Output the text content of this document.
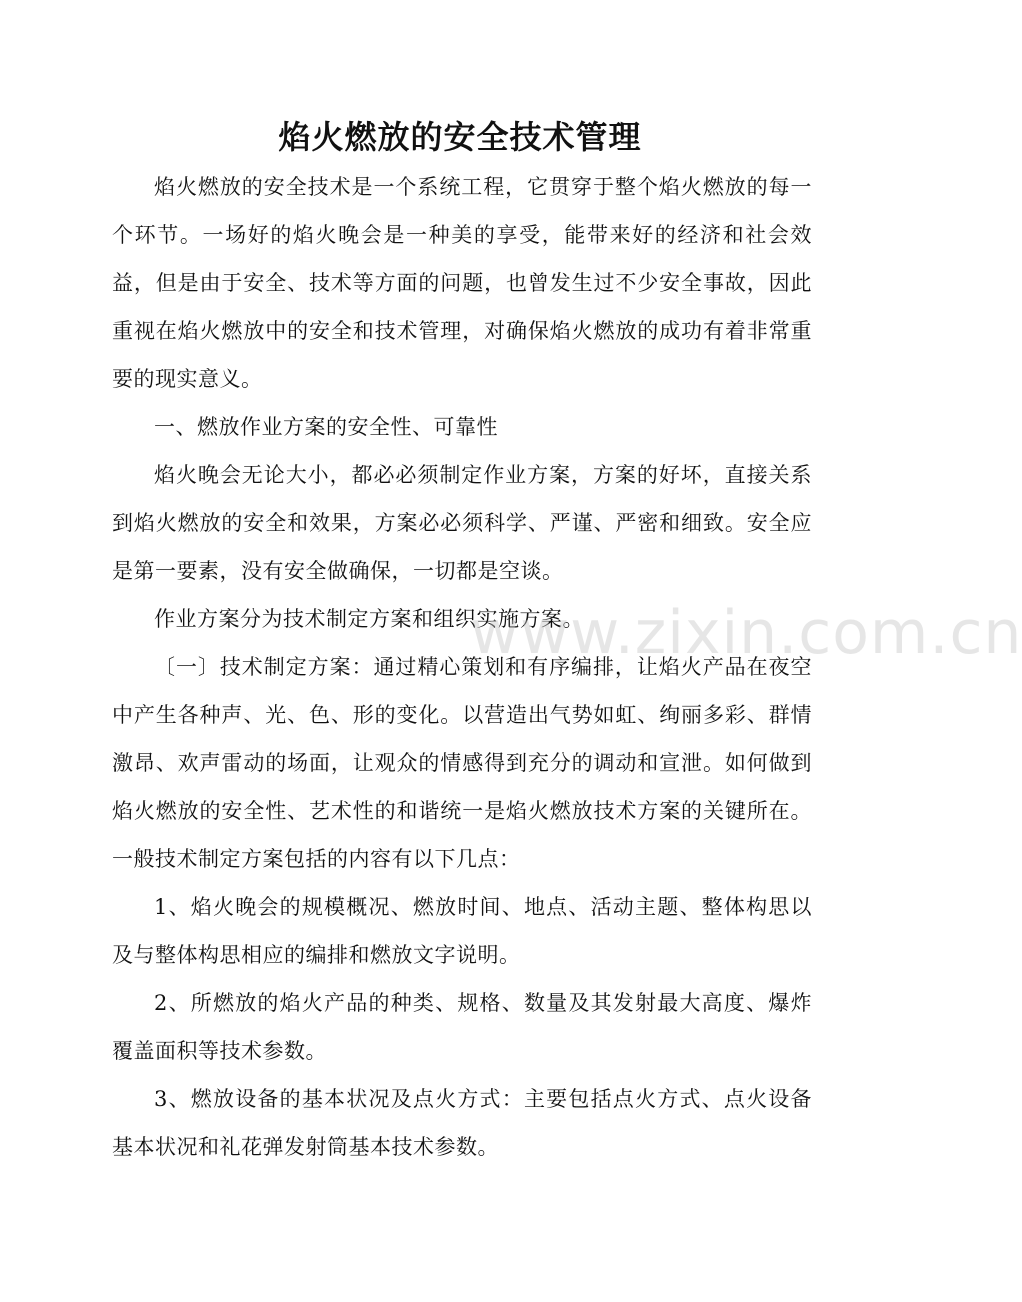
焰火燃放的安全技术管理

焰火燃放的安全技术是一个系统工程，它贯穿于整个焰火燃放的每一个环节。一场好的焰火晚会是一种美的享受，能带来好的经济和社会效益，但是由于安全、技术等方面的问题，也曾发生过不少安全事故，因此重视在焰火燃放中的安全和技术管理，对确保焰火燃放的成功有着非常重要的现实意义。

一、燃放作业方案的安全性、可靠性

焰火晚会无论大小，都必必须制定作业方案，方案的好坏，直接关系到焰火燃放的安全和效果，方案必必须科学、严谨、严密和细致。安全应是第一要素，没有安全做确保，一切都是空谈。

作业方案分为技术制定方案和组织实施方案。

〔一〕技术制定方案：通过精心策划和有序编排，让焰火产品在夜空中产生各种声、光、色、形的变化。以营造出气势如虹、绚丽多彩、群情激昂、欢声雷动的场面，让观众的情感得到充分的调动和宣泄。如何做到焰火燃放的安全性、艺术性的和谐统一是焰火燃放技术方案的关键所在。一般技术制定方案包括的内容有以下几点：

1、焰火晚会的规模概况、燃放时间、地点、活动主题、整体构思以及与整体构思相应的编排和燃放文字说明。

2、所燃放的焰火产品的种类、规格、数量及其发射最大高度、爆炸覆盖面积等技术参数。

3、燃放设备的基本状况及点火方式：主要包括点火方式、点火设备基本状况和礼花弹发射筒基本技术参数。

www.zixin.com.cn
